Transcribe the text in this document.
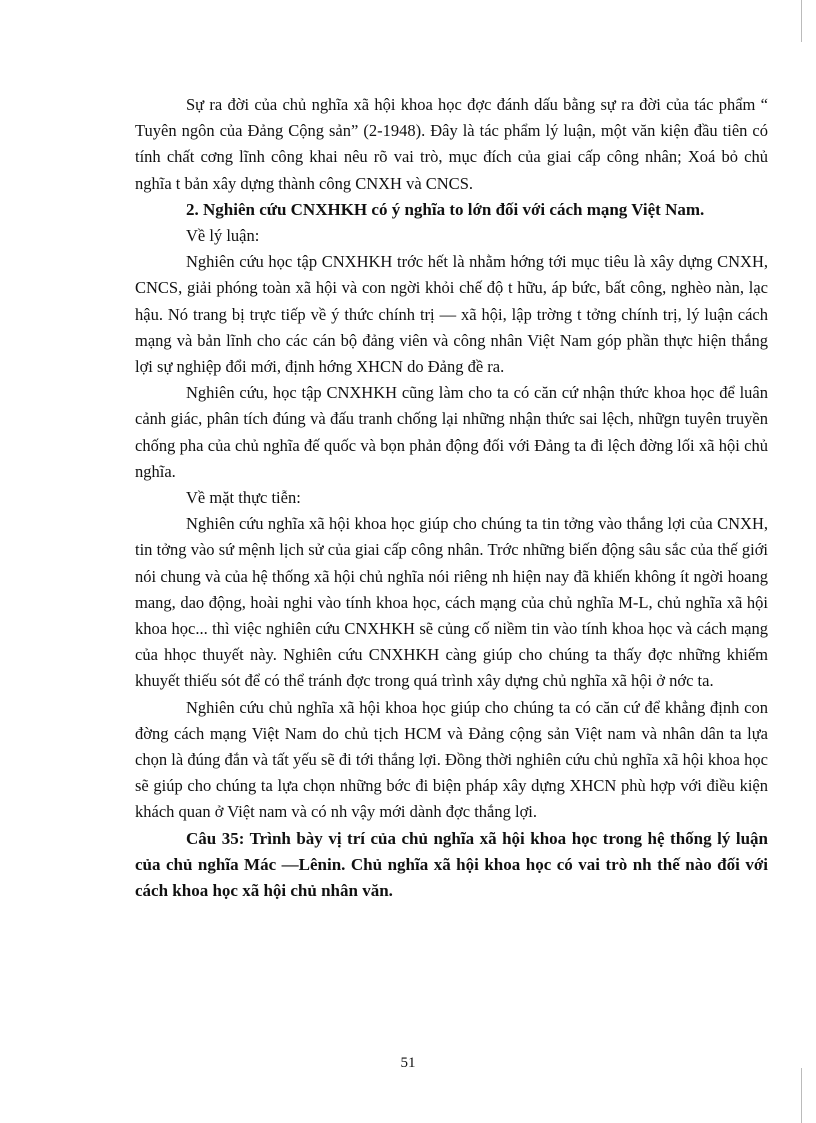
Sự ra đời của chủ nghĩa xã hội khoa học đợc đánh dấu bằng sự ra đời của tác phẩm “ Tuyên ngôn của Đảng Cộng sản” (2-1948). Đây là tác phẩm lý luận, một văn kiện đầu tiên có tính chất cơng lĩnh công khai nêu rõ vai trò, mục đích của giai cấp công nhân; Xoá bỏ chủ nghĩa t bản xây dựng thành công CNXH và CNCS.

2. Nghiên cứu CNXHKH có ý nghĩa to lớn đối với cách mạng Việt Nam.

Về lý luận:

Nghiên cứu học tập CNXHKH trớc hết là nhằm hớng tới mục tiêu là xây dựng CNXH, CNCS, giải phóng toàn xã hội và con ngời khỏi chế độ t hữu, áp bức, bất công, nghèo nàn, lạc hậu. Nó trang bị trực tiếp về ý thức chính trị — xã hội, lập trờng t tởng chính trị, lý luận cách mạng và bản lĩnh cho các cán bộ đảng viên và công nhân Việt Nam góp phần thực hiện thắng lợi sự nghiệp đổi mới, định hớng XHCN do Đảng đề ra.

Nghiên cứu, học tập CNXHKH cũng làm cho ta có căn cứ nhận thức khoa học để luân cảnh giác, phân tích đúng và đấu tranh chống lại những nhận thức sai lệch, nhữgn tuyên truyền chống pha của chủ nghĩa đế quốc và bọn phản động đối với Đảng ta đi lệch đờng lối xã hội chủ nghĩa.

Về mặt thực tiễn:

Nghiên cứu nghĩa xã hội khoa học giúp cho chúng ta tin tởng vào thắng lợi của CNXH, tin tởng vào sứ mệnh lịch sử của giai cấp công nhân. Trớc những biến động sâu sắc của thế giới nói chung và của hệ thống xã hội chủ nghĩa nói riêng nh hiện nay đã khiến không ít ngời hoang mang, dao động, hoài nghi vào tính khoa học, cách mạng của chủ nghĩa M-L, chủ nghĩa xã hội khoa học... thì việc nghiên cứu CNXHKH sẽ củng cố niềm tin vào tính khoa học và cách mạng của hhọc thuyết này. Nghiên cứu CNXHKH càng giúp cho chúng ta thấy đợc những khiếm khuyết thiếu sót để có thể tránh đợc trong quá trình xây dựng chủ nghĩa xã hội ở nớc ta.

Nghiên cứu chủ nghĩa xã hội khoa học giúp cho chúng ta có căn cứ để khẳng định con đờng cách mạng Việt Nam do chủ tịch HCM và Đảng cộng sản Việt nam và nhân dân ta lựa chọn là đúng đắn và tất yếu sẽ đi tới thắng lợi. Đồng thời nghiên cứu chủ nghĩa xã hội khoa học sẽ giúp cho chúng ta lựa chọn những bớc đi biện pháp xây dựng XHCN phù hợp với điều kiện khách quan ở Việt nam và có nh vậy mới dành đợc thắng lợi.

Câu 35: Trình bày vị trí của chủ nghĩa xã hội khoa học trong hệ thống lý luận của chủ nghĩa Mác —Lênin. Chủ nghĩa xã hội khoa học có vai trò nh thế nào đối với cách khoa học xã hội chủ nhân văn.

51
